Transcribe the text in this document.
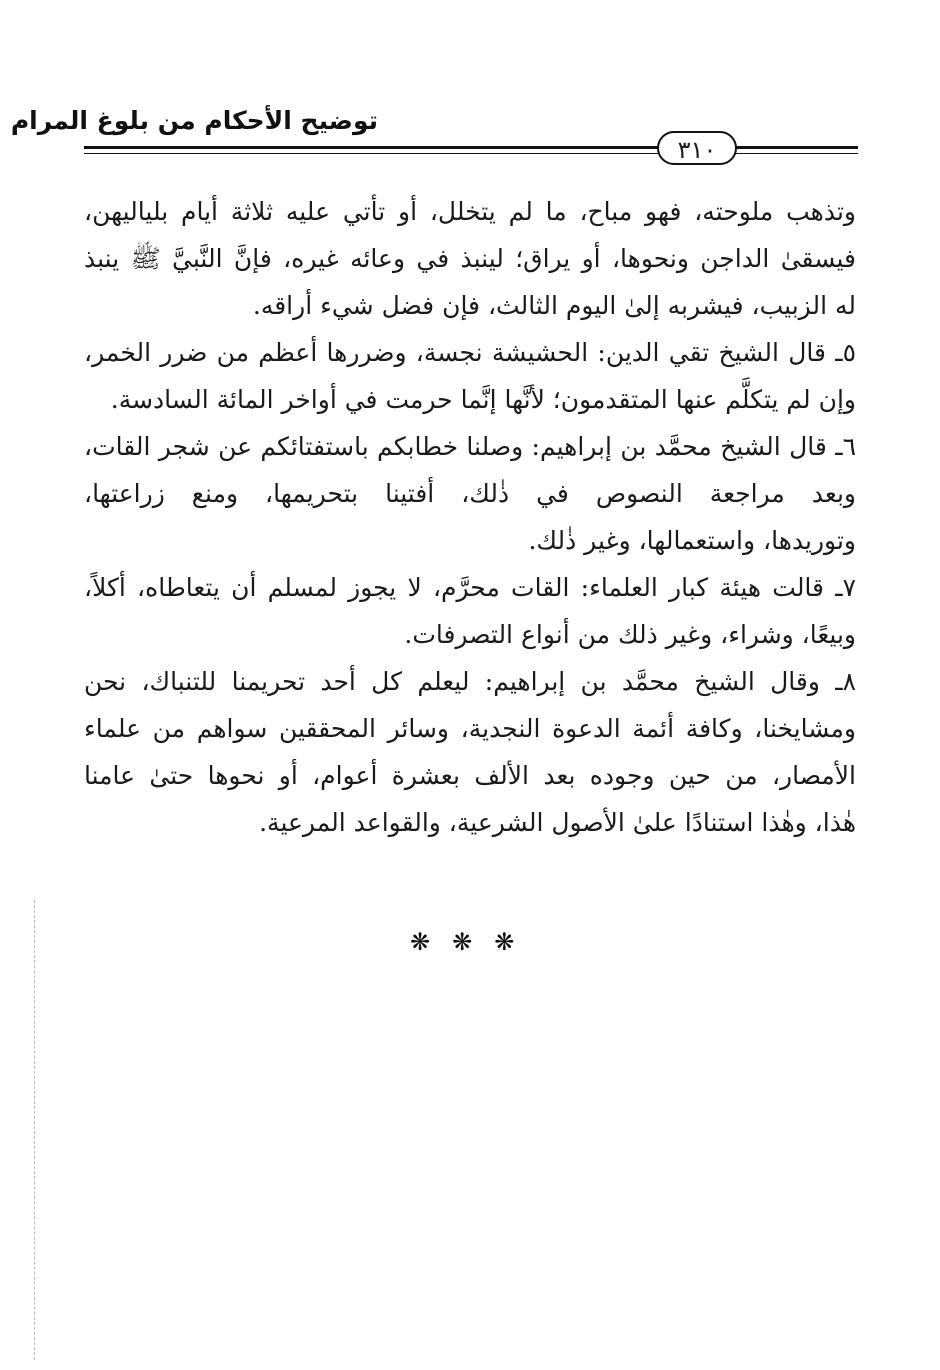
توضيح الأحكام من بلوغ المرام
٣١٠
وتذهب ملوحته، فهو مباح، ما لم يتخلل، أو تأتي عليه ثلاثة أيام بلياليهن،
فيسقىٰ الداجن ونحوها، أو يراق؛ لينبذ في وعائه غيره، فإنَّ النَّبيَّ ﷺ ينبذ
له الزبيب، فيشربه إلىٰ اليوم الثالث، فإن فضل شيء أراقه.
٥ـ قال الشيخ تقي الدين: الحشيشة نجسة، وضررها أعظم من ضرر الخمر،
وإن لم يتكلَّم عنها المتقدمون؛ لأنَّها إنَّما حرمت في أواخر المائة السادسة.
٦ـ قال الشيخ محمَّد بن إبراهيم: وصلنا خطابكم باستفتائكم عن شجر القات،
وبعد مراجعة النصوص في ذٰلك، أفتينا بتحريمها، ومنع زراعتها،
وتوريدها، واستعمالها، وغير ذٰلك.
٧ـ قالت هيئة كبار العلماء: القات محرَّم، لا يجوز لمسلم أن يتعاطاه، أكلاً،
وبيعًا، وشراء، وغير ذلك من أنواع التصرفات.
٨ـ وقال الشيخ محمَّد بن إبراهيم: ليعلم كل أحد تحريمنا للتنباك، نحن
ومشايخنا، وكافة أئمة الدعوة النجدية، وسائر المحققين سواهم من علماء
الأمصار، من حين وجوده بعد الألف بعشرة أعوام، أو نحوها حتىٰ عامنا
هٰذا، وهٰذا استنادًا علىٰ الأصول الشرعية، والقواعد المرعية.
❋❋❋
